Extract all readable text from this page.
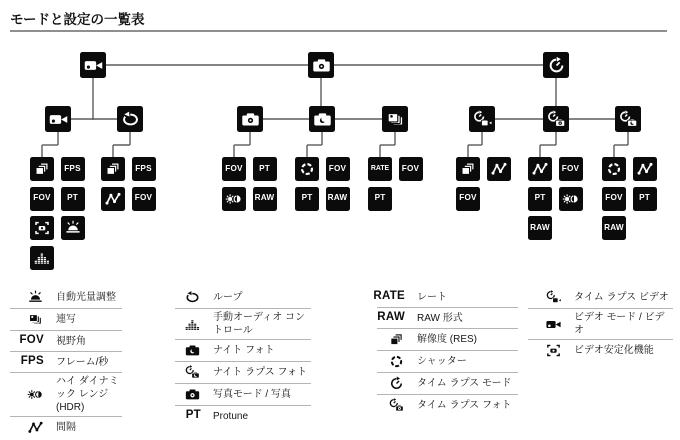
モードと設定の一覧表
FPS
FOV PT
FPS
FOV
FOV PT
RAW
FOV
PT RAW
RATE FOV
PT	FOV
FOV
PT
RAW
FOV PT
RAW
自動光量調整
連写
FOV 視野角
FPS フレーム/秒
ハイ ダイナミック レンジ (HDR)
間隔
ループ
手動オーディオ コントロール
ナイト フォト
ナイト ラプス フォト
写真モード / 写真
PT Protune
RATE レート
RAW RAW 形式
解像度 (RES)
シャッター
タイム ラプス モード
タイム ラプス フォト
タイム ラプス ビデオ
ビデオ モード / ビデオ
ビデオ安定化機能
